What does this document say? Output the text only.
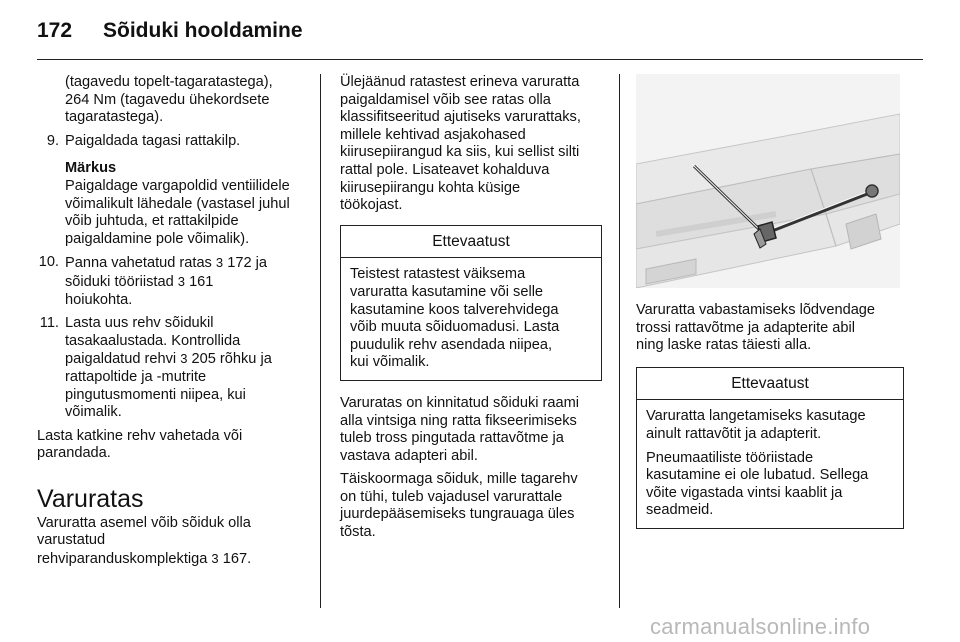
172 Sõiduki hooldamine
(tagavedu topelt-tagaratastega),
264 Nm (tagavedu ühekordsete
tagaratastega).
9. Paigaldada tagasi rattakilp.
Märkus
Paigaldage vargapoldid ventiilidele
võimalikult lähedale (vastasel juhul
võib juhtuda, et rattakilpide
paigaldamine pole võimalik).
10. Panna vahetatud ratas 3 172 ja
sõiduki tööriistad 3 161
hoiukohta.
11. Lasta uus rehv sõidukil
tasakaalustada. Kontrollida
paigaldatud rehvi 3 205 rõhku ja
rattapoltide ja -mutrite
pingutusmomenti niipea, kui
võimalik.
Lasta katkine rehv vahetada või
parandada.
Varuratas
Varuratta asemel võib sõiduk olla
varustatud
rehviparanduskomplektiga 3 167.
Ülejäänud ratastest erineva varuratta
paigaldamisel võib see ratas olla
klassifitseeritud ajutiseks varurattaks,
millele kehtivad asjakohased
kiirusepiirangud ka siis, kui sellist silti
rattal pole. Lisateavet kohalduva
kiirusepiirangu kohta küsige
töökojast.
Ettevaatust
Teistest ratastest väiksema
varuratta kasutamine või selle
kasutamine koos talverehvidega
võib muuta sõiduomadusi. Lasta
puudulik rehv asendada niipea,
kui võimalik.
Varuratas on kinnitatud sõiduki raami
alla vintsiga ning ratta fikseerimiseks
tuleb tross pingutada rattavõtme ja
vastava adapteri abil.
Täiskoormaga sõiduk, mille tagarehv
on tühi, tuleb vajadusel varurattale
juurdepääsemiseks tungrauaga üles
tõsta.
Varuratta vabastamiseks lõdvendage
trossi rattavõtme ja adapterite abil
ning laske ratas täiesti alla.
Ettevaatust

Varuratta langetamiseks kasutage
ainult rattavõtit ja adapterit.

Pneumaatiliste tööriistade
kasutamine ei ole lubatud. Sellega
võite vigastada vintsi kaablit ja
seadmeid.

carmanualsonline.info
